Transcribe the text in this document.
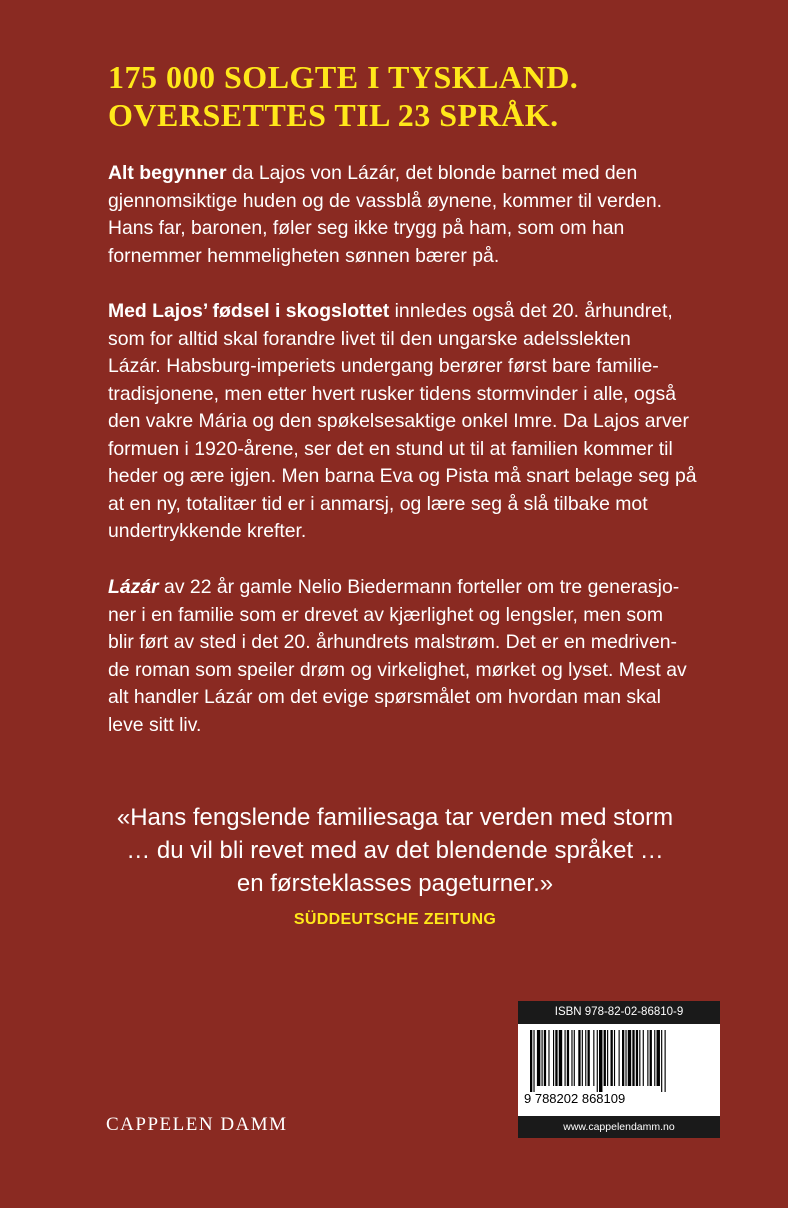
175 000 SOLGTE I TYSKLAND.
OVERSETTES TIL 23 SPRÅK.
Alt begynner da Lajos von Lázár, det blonde barnet med den
gjennomsiktige huden og de vassblå øynene, kommer til verden.
Hans far, baronen, føler seg ikke trygg på ham, som om han
fornemmer hemmeligheten sønnen bærer på.
Med Lajos’ fødsel i skogslottet innledes også det 20. århundret,
som for alltid skal forandre livet til den ungarske adelsslekten
Lázár. Habsburg-imperiets undergang berører først bare familie-
tradisjonene, men etter hvert rusker tidens stormvinder i alle, også
den vakre Mária og den spøkelsesaktige onkel Imre. Da Lajos arver
formuen i 1920-årene, ser det en stund ut til at familien kommer til
heder og ære igjen. Men barna Eva og Pista må snart belage seg på
at en ny, totalitær tid er i anmarsj, og lære seg å slå tilbake mot
undertrykkende krefter.
Lázár av 22 år gamle Nelio Biedermann forteller om tre generasjo-
ner i en familie som er drevet av kjærlighet og lengsler, men som
blir ført av sted i det 20. århundrets malstrøm. Det er en medriven-
de roman som speiler drøm og virkelighet, mørket og lyset. Mest av
alt handler Lázár om det evige spørsmålet om hvordan man skal
leve sitt liv.
«Hans fengslende familiesaga tar verden med storm
… du vil bli revet med av det blendende språket …
en førsteklasses pageturner.»
SÜDDEUTSCHE ZEITUNG
CAPPELEN DAMM
ISBN 978-82-02-86810-9
9 788202 868109
www.cappelendamm.no
